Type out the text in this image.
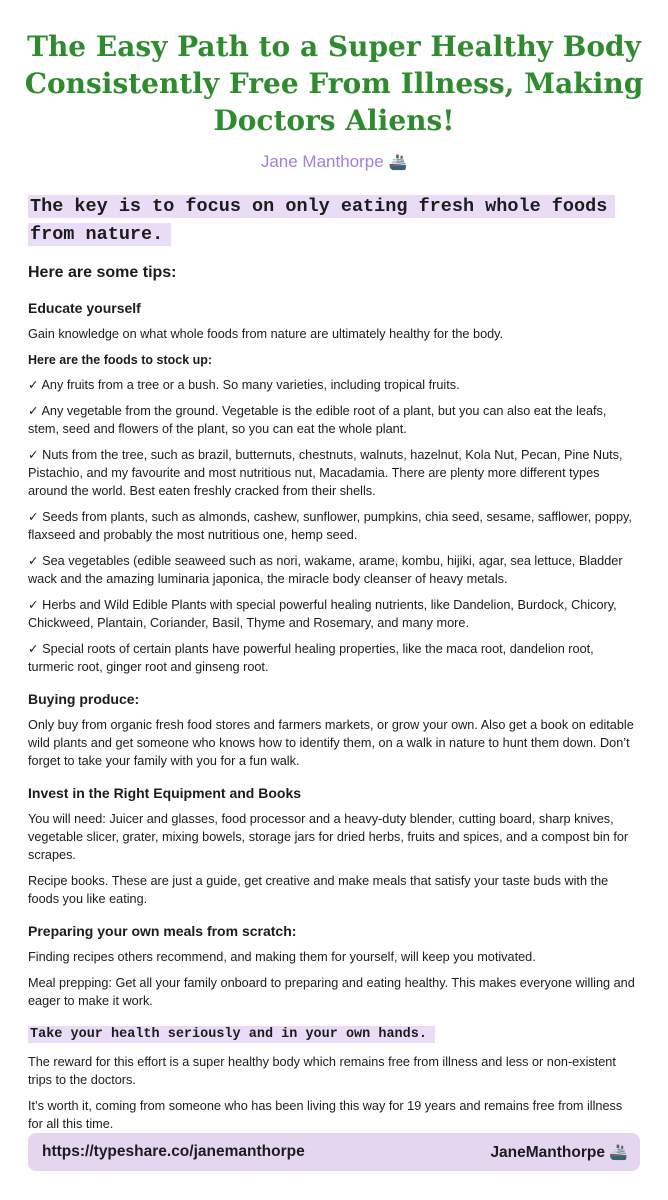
The Easy Path to a Super Healthy Body Consistently Free From Illness, Making Doctors Aliens!
Jane Manthorpe 🚢

The key is to focus on only eating fresh whole foods from nature.

Here are some tips:
Educate yourself

Gain knowledge on what whole foods from nature are ultimately healthy for the body.

Here are the foods to stock up:

✓ Any fruits from a tree or a bush. So many varieties, including tropical fruits.

✓ Any vegetable from the ground. Vegetable is the edible root of a plant, but you can also eat the leafs, stem, seed and flowers of the plant, so you can eat the whole plant.

✓ Nuts from the tree, such as brazil, butternuts, chestnuts, walnuts, hazelnut, Kola Nut, Pecan, Pine Nuts, Pistachio, and my favourite and most nutritious nut, Macadamia. There are plenty more different types around the world. Best eaten freshly cracked from their shells.

✓ Seeds from plants, such as almonds, cashew, sunflower, pumpkins, chia seed, sesame, safflower, poppy, flaxseed and probably the most nutritious one, hemp seed.

✓ Sea vegetables (edible seaweed such as nori, wakame, arame, kombu, hijiki, agar, sea lettuce, Bladder wack and the amazing luminaria japonica, the miracle body cleanser of heavy metals.

✓ Herbs and Wild Edible Plants with special powerful healing nutrients, like Dandelion, Burdock, Chicory, Chickweed, Plantain, Coriander, Basil, Thyme and Rosemary, and many more.

✓ Special roots of certain plants have powerful healing properties, like the maca root, dandelion root, turmeric root, ginger root and ginseng root.

Buying produce:

Only buy from organic fresh food stores and farmers markets, or grow your own. Also get a book on editable wild plants and get someone who knows how to identify them, on a walk in nature to hunt them down. Don’t forget to take your family with you for a fun walk.

Invest in the Right Equipment and Books

You will need: Juicer and glasses, food processor and a heavy-duty blender, cutting board, sharp knives, vegetable slicer, grater, mixing bowels, storage jars for dried herbs, fruits and spices, and a compost bin for scrapes.

Recipe books. These are just a guide, get creative and make meals that satisfy your taste buds with the foods you like eating.

Preparing your own meals from scratch:

Finding recipes others recommend, and making them for yourself, will keep you motivated.

Meal prepping: Get all your family onboard to preparing and eating healthy. This makes everyone willing and eager to make it work.

Take your health seriously and in your own hands.

The reward for this effort is a super healthy body which remains free from illness and less or non-existent trips to the doctors.

It’s worth it, coming from someone who has been living this way for 19 years and remains free from illness for all this time.

https://typeshare.co/janemanthorpe	JaneManthorpe 🚢
